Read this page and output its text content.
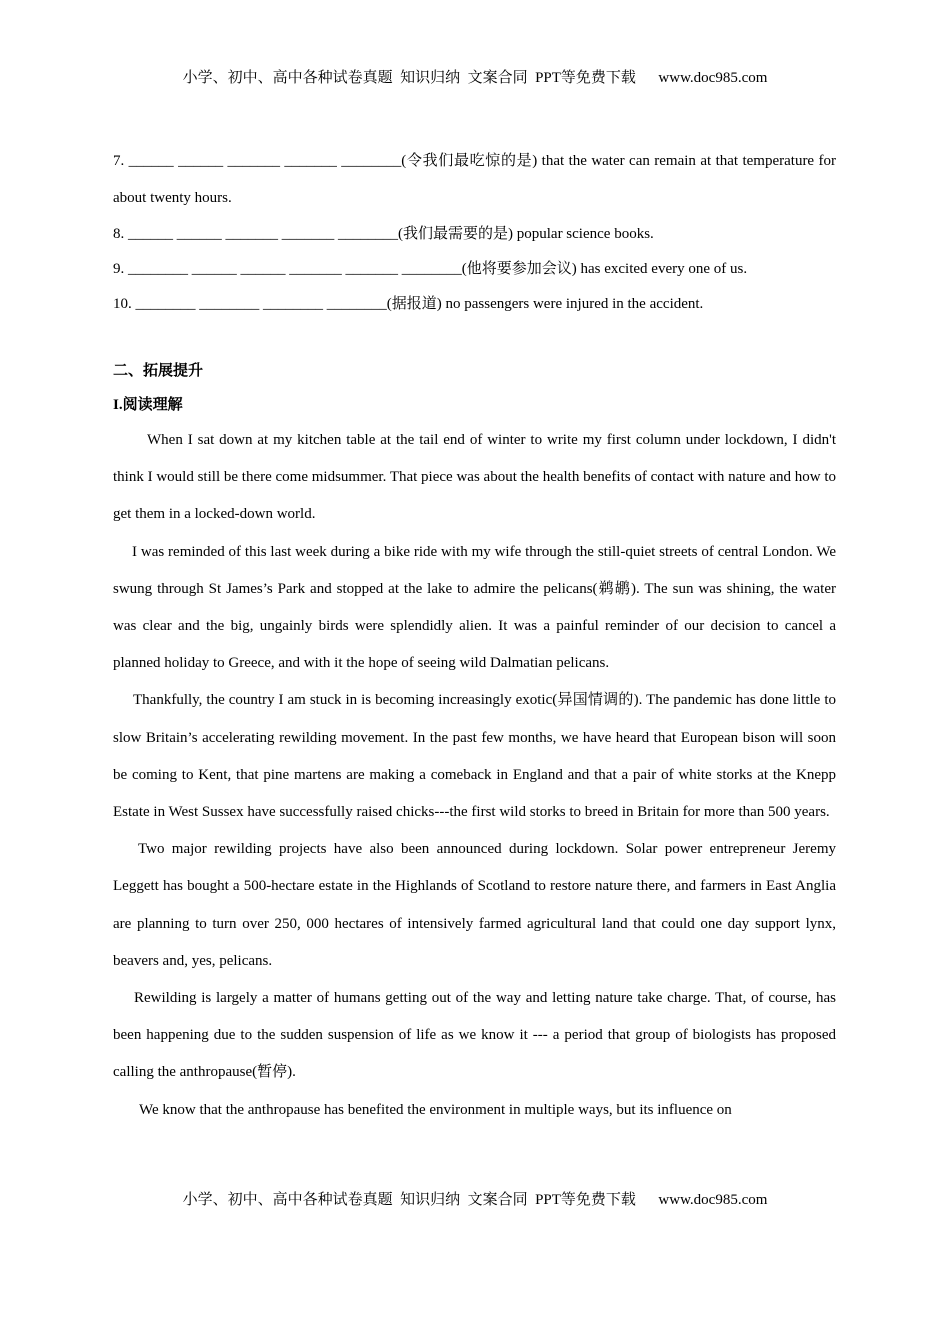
小学、初中、高中各种试卷真题  知识归纳  文案合同  PPT等免费下载      www.doc985.com
7. ______ ______ _______ _______ ________(令我们最吃惊的是) that the water can remain at that temperature for about twenty hours.
8. ______ ______ _______ _______ ________(我们最需要的是) popular science books.
9. ________ ______ ______ _______ _______ ________(他将要参加会议) has excited every one of us.
10. ________ ________ ________ ________(据报道) no passengers were injured in the accident.
二、拓展提升
I.阅读理解

When I sat down at my kitchen table at the tail end of winter to write my first column under lockdown, I didn't think I would still be there come midsummer. That piece was about the health benefits of contact with nature and how to get them in a locked-down world.

I was reminded of this last week during a bike ride with my wife through the still-quiet streets of central London. We swung through St James’s Park and stopped at the lake to admire the pelicans(鹈鹕). The sun was shining, the water was clear and the big, ungainly birds were splendidly alien. It was a painful reminder of our decision to cancel a planned holiday to Greece, and with it the hope of seeing wild Dalmatian pelicans.

Thankfully, the country I am stuck in is becoming increasingly exotic(异国情调的). The pandemic has done little to slow Britain’s accelerating rewilding movement. In the past few months, we have heard that European bison will soon be coming to Kent, that pine martens are making a comeback in England and that a pair of white storks at the Knepp Estate in West Sussex have successfully raised chicks---the first wild storks to breed in Britain for more than 500 years.

Two major rewilding projects have also been announced during lockdown. Solar power entrepreneur Jeremy Leggett has bought a 500-hectare estate in the Highlands of Scotland to restore nature there, and farmers in East Anglia are planning to turn over 250, 000 hectares of intensively farmed agricultural land that could one day support lynx, beavers and, yes, pelicans.

Rewilding is largely a matter of humans getting out of the way and letting nature take charge. That, of course, has been happening due to the sudden suspension of life as we know it --- a period that group of biologists has proposed calling the anthropause(暂停).

We know that the anthropause has benefited the environment in multiple ways, but its influence on

小学、初中、高中各种试卷真题  知识归纳  文案合同  PPT等免费下载      www.doc985.com
